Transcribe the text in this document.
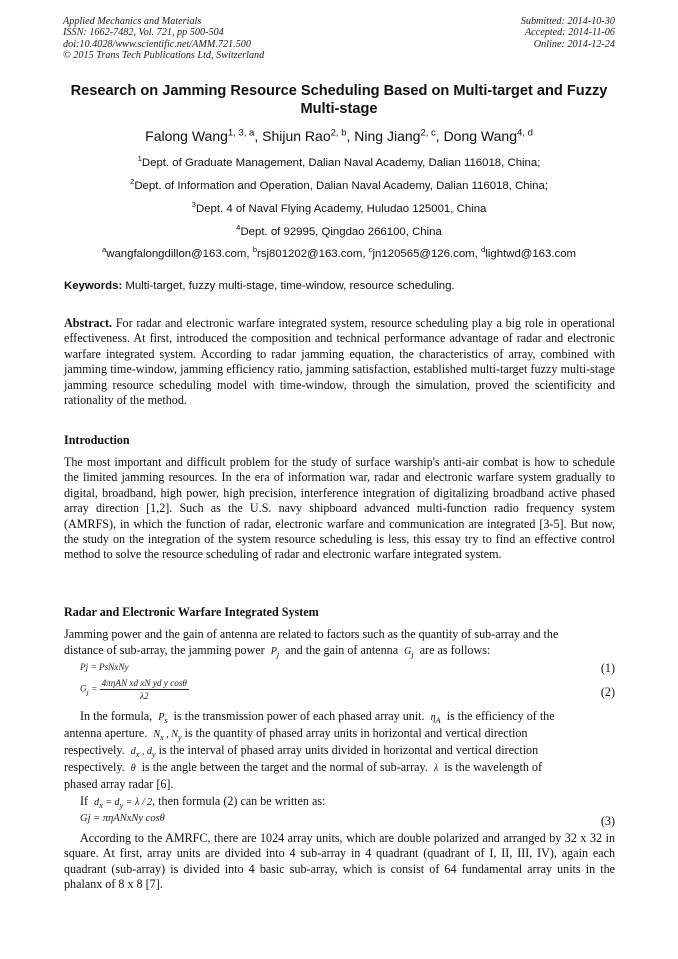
Applied Mechanics and Materials
ISSN: 1662-7482, Vol. 721, pp 500-504
doi:10.4028/www.scientific.net/AMM.721.500
© 2015 Trans Tech Publications Ltd, Switzerland
Submitted: 2014-10-30
Accepted: 2014-11-06
Online: 2014-12-24
Research on Jamming Resource Scheduling Based on Multi-target and Fuzzy Multi-stage
Falong Wang$^{1, 3, a}$, Shijun Rao$^{2, b}$, Ning Jiang$^{2, c}$, Dong Wang$^{4, d}$
$^1$Dept. of Graduate Management, Dalian Naval Academy, Dalian 116018, China;
$^2$Dept. of Information and Operation, Dalian Naval Academy, Dalian 116018, China;
$^3$Dept. 4 of Naval Flying Academy, Huludao 125001, China
$^4$Dept. of 92995, Qingdao 266100, China
$^a$wangfalongdillon@163.com, $^b$rsj801202@163.com, $^c$jn120565@126.com, $^d$lightwd@163.com
Keywords: Multi-target, fuzzy multi-stage, time-window, resource scheduling.
Abstract. For radar and electronic warfare integrated system, resource scheduling play a big role in operational effectiveness. At first, introduced the composition and technical performance advantage of radar and electronic warfare integrated system. According to radar jamming equation, the characteristics of array, combined with jamming time-window, jamming efficiency ratio, jamming satisfaction, established multi-target fuzzy multi-stage jamming resource scheduling model with time-window, through the simulation, proved the scientificity and rationality of the method.
Introduction
The most important and difficult problem for the study of surface warship's anti-air combat is how to schedule the limited jamming resources. In the era of information war, radar and electronic warfare system gradually to digital, broadband, high power, high precision, interference integration of digitalizing broadband active phased array direction [1,2]. Such as the U.S. navy shipboard advanced multi-function radio frequency system (AMRFS), in which the function of radar, electronic warfare and communication are integrated [3-5]. But now, the study on the integration of the system resource scheduling is less, this essay try to find an effective control method to solve the resource scheduling of radar and electronic warfare integrated system.
Radar and Electronic Warfare Integrated System
Jamming power and the gain of antenna are related to factors such as the quantity of sub-array and the
distance of sub-array, the jamming power $P_j$ and the gain of antenna $G_j$ are as follows:
Pj = PsNxNy	(1)
$G_j = \frac{\text{4πηAN xd xN yd y cosθ}}{\lambda 2}$	(2)
In the formula, $P_s$ is the transmission power of each phased array unit. $\eta_A$ is the efficiency of the
antenna aperture. $N_x$ , $N_y$ is the quantity of phased array units in horizontal and vertical direction
respectively. $d_x$ , $d_y$ is the interval of phased array units divided in horizontal and vertical direction
respectively. θ is the angle between the target and the normal of sub-array. λ is the wavelength of
phased array radar [6].
If $d_x = d_y = \lambda / 2$, then formula (2) can be written as:
Gj = πηANxNy cosθ	(3)
According to the AMRFC, there are 1024 array units, which are double polarized and arranged by 32 x 32 in square. At first, array units are divided into 4 sub-array in 4 quadrant (quadrant of I, II, III, IV), again each quadrant (sub-array) is divided into 4 basic sub-array, which is consist of 64 fundamental array units in the phalanx of 8 x 8 [7].
